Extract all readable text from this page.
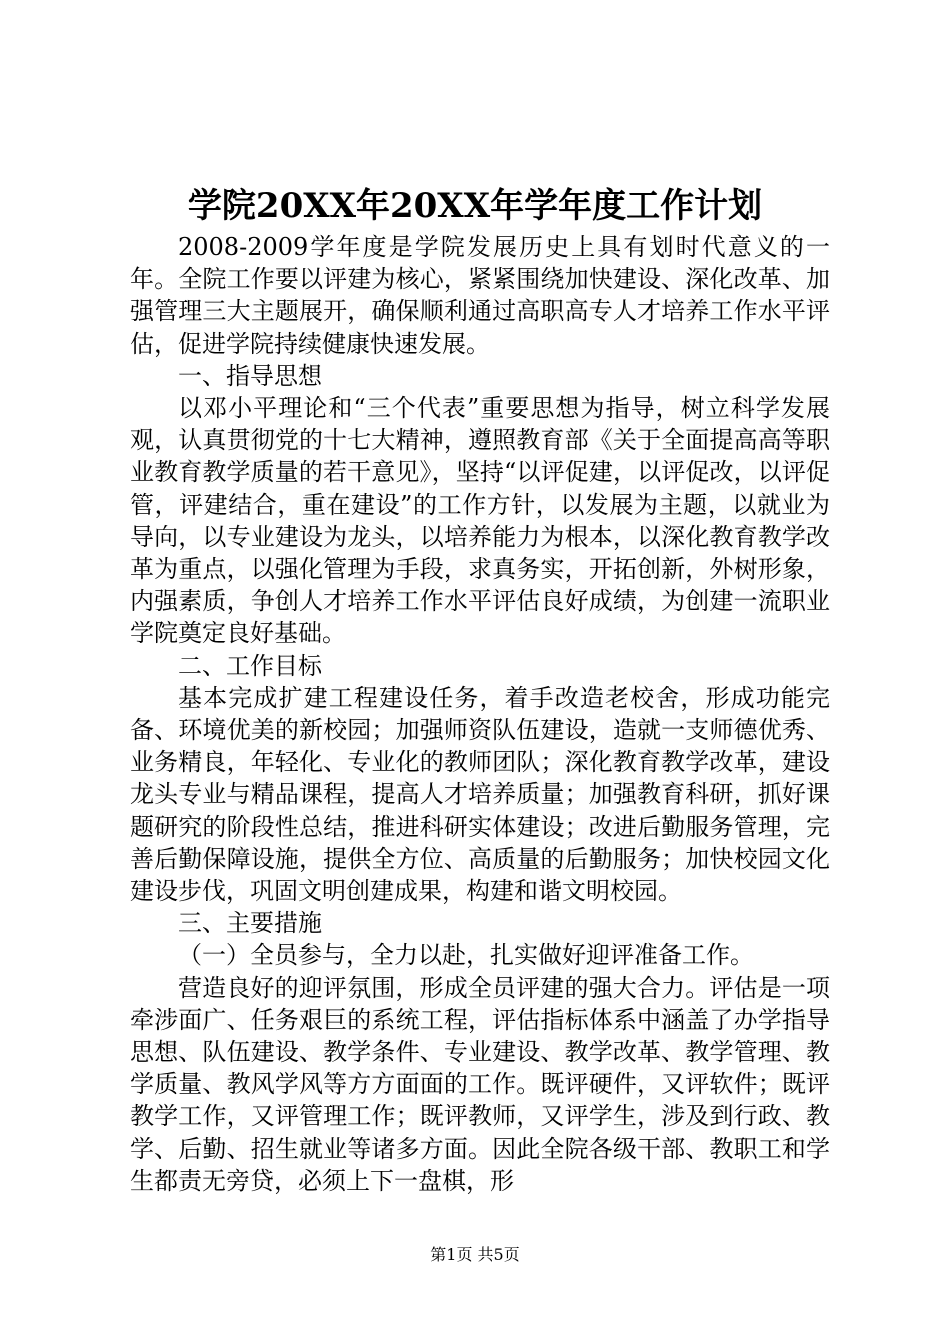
学院20XX年20XX年学年度工作计划

2008-2009学年度是学院发展历史上具有划时代意义的一年。全院工作要以评建为核心，紧紧围绕加快建设、深化改革、加强管理三大主题展开，确保顺利通过高职高专人才培养工作水平评估，促进学院持续健康快速发展。

一、指导思想

以邓小平理论和“三个代表”重要思想为指导，树立科学发展观，认真贯彻党的十七大精神，遵照教育部《关于全面提高高等职业教育教学质量的若干意见》，坚持“以评促建，以评促改，以评促管，评建结合，重在建设”的工作方针，以发展为主题，以就业为导向，以专业建设为龙头，以培养能力为根本，以深化教育教学改革为重点，以强化管理为手段，求真务实，开拓创新，外树形象，内强素质，争创人才培养工作水平评估良好成绩，为创建一流职业学院奠定良好基础。

二、工作目标

基本完成扩建工程建设任务，着手改造老校舍，形成功能完备、环境优美的新校园；加强师资队伍建设，造就一支师德优秀、业务精良，年轻化、专业化的教师团队；深化教育教学改革，建设龙头专业与精品课程，提高人才培养质量；加强教育科研，抓好课题研究的阶段性总结，推进科研实体建设；改进后勤服务管理，完善后勤保障设施，提供全方位、高质量的后勤服务；加快校园文化建设步伐，巩固文明创建成果，构建和谐文明校园。

三、主要措施

（一）全员参与，全力以赴，扎实做好迎评准备工作。

营造良好的迎评氛围，形成全员评建的强大合力。评估是一项牵涉面广、任务艰巨的系统工程，评估指标体系中涵盖了办学指导思想、队伍建设、教学条件、专业建设、教学改革、教学管理、教学质量、教风学风等方方面面的工作。既评硬件，又评软件；既评教学工作，又评管理工作；既评教师，又评学生，涉及到行政、教学、后勤、招生就业等诸多方面。因此全院各级干部、教职工和学生都责无旁贷，必须上下一盘棋，形

第1页 共5页
